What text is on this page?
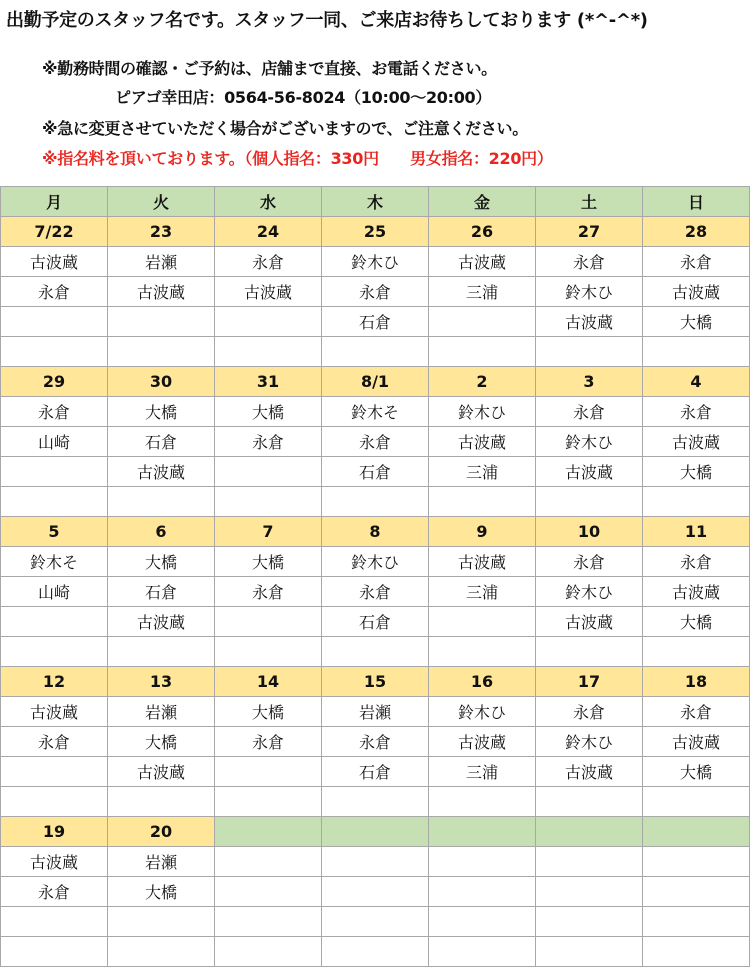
出勤予定のスタッフ名です。スタッフ一同、ご来店お待ちしております (*^-^*)
※勤務時間の確認・ご予約は、店舗まで直接、お電話ください。
ピアゴ幸田店：0564-56-8024（10:00～20:00）
※急に変更させていただく場合がございますので、ご注意ください。
※指名料を頂いております。（個人指名：330円　　男女指名：220円）
月	火	水	木	金	土	日
7/22	23	24	25	26	27	28
古波蔵	岩瀬	永倉	鈴木ひ	古波蔵	永倉	永倉
永倉	古波蔵	古波蔵	永倉	三浦	鈴木ひ	古波蔵
			石倉		古波蔵	大橋

29	30	31	8/1	2	3	4
永倉	大橋	大橋	鈴木そ	鈴木ひ	永倉	永倉
山崎	石倉	永倉	永倉	古波蔵	鈴木ひ	古波蔵
	古波蔵		石倉	三浦	古波蔵	大橋

5	6	7	8	9	10	11
鈴木そ	大橋	大橋	鈴木ひ	古波蔵	永倉	永倉
山崎	石倉	永倉	永倉	三浦	鈴木ひ	古波蔵
	古波蔵		石倉		古波蔵	大橋

12	13	14	15	16	17	18
古波蔵	岩瀬	大橋	岩瀬	鈴木ひ	永倉	永倉
永倉	大橋	永倉	永倉	古波蔵	鈴木ひ	古波蔵
	古波蔵		石倉	三浦	古波蔵	大橋

19	20					
古波蔵	岩瀬					
永倉	大橋					
